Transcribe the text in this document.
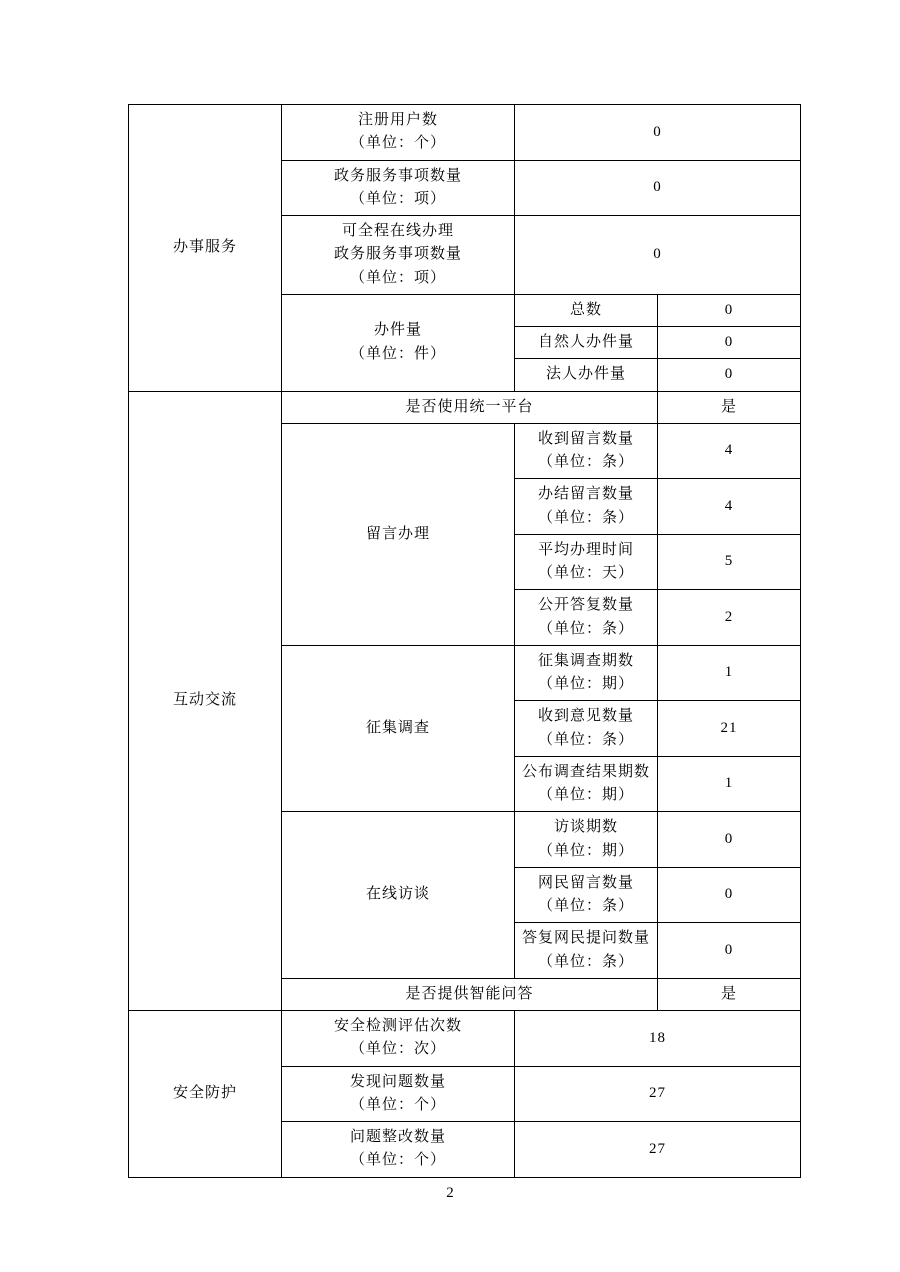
办事服务	注册用户数
（单位：个）	0	

	政务服务事项数量
（单位：项）	0	

	可全程在线办理
政务服务事项数量
（单位：项）	0	

	办件量
（单位：件）	总数	0
		自然人办件量	0
		法人办件量	0
互动交流	是否使用统一平台		是
	留言办理	收到留言数量
（单位：条）	4

		办结留言数量
（单位：条）	4

		平均办理时间
（单位：天）	5

		公开答复数量
（单位：条）	2
	征集调查	征集调查期数
（单位：期）	1

		收到意见数量
（单位：条）	21

		公布调查结果期数
（单位：期）	1
	在线访谈	访谈期数
（单位：期）	0

		网民留言数量
（单位：条）	0

		答复网民提问数量
（单位：条）	0
	是否提供智能问答		是
安全防护	安全检测评估次数
（单位：次）	18	

	发现问题数量
（单位：个）	27	

	问题整改数量
（单位：个）	27	
2
